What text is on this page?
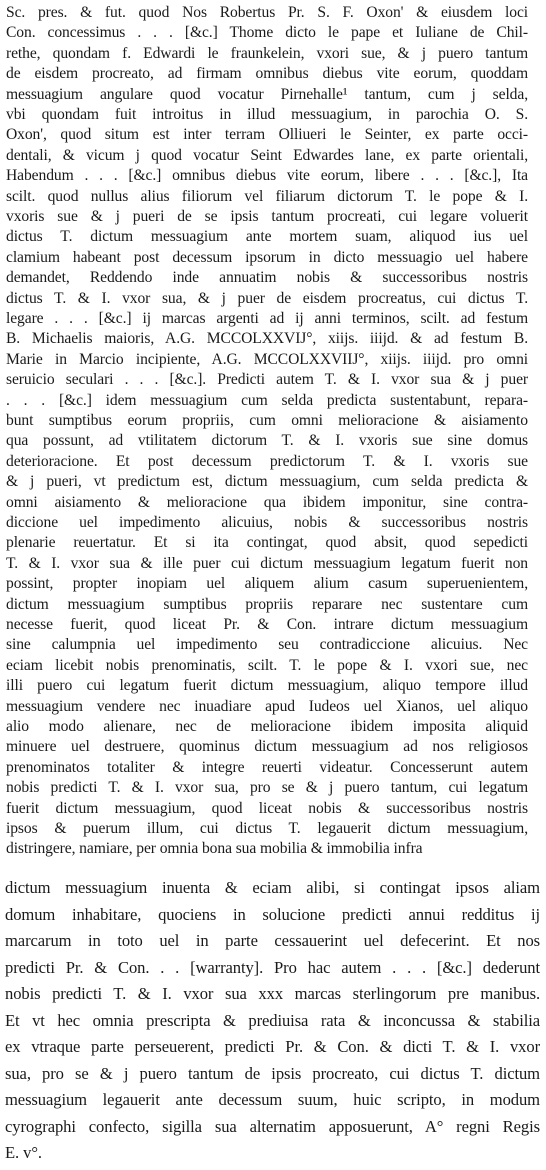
Sc. pres. & fut. quod Nos Robertus Pr. S. F. Oxon' & eiusdem loci
Con. concessimus . . . [&c.] Thome dicto le pape et Iuliane de Chil-
rethe, quondam f. Edwardi le fraunkelein, vxori sue, & j puero tantum
de eisdem procreato, ad firmam omnibus diebus vite eorum, quoddam
messuagium angulare quod vocatur Pirnehalle¹ tantum, cum j selda,
vbi quondam fuit introitus in illud messuagium, in parochia O. S.
Oxon', quod situm est inter terram Olliueri le Seinter, ex parte occi-
dentali, & vicum j quod vocatur Seint Edwardes lane, ex parte orientali,
Habendum . . . [&c.] omnibus diebus vite eorum, libere . . . [&c.], Ita
scilt. quod nullus alius filiorum vel filiarum dictorum T. le pope & I.
vxoris sue & j pueri de se ipsis tantum procreati, cui legare voluerit
dictus T. dictum messuagium ante mortem suam, aliquod ius uel
clamium habeant post decessum ipsorum in dicto messuagio uel habere
demandet, Reddendo inde annuatim nobis & successoribus nostris
dictus T. & I. vxor sua, & j puer de eisdem procreatus, cui dictus T.
legare . . . [&c.] ij marcas argenti ad ij anni terminos, scilt. ad festum
B. Michaelis maioris, A.G. MCCOLXXVIJ°, xiijs. iiijd. & ad festum B.
Marie in Marcio incipiente, A.G. MCCOLXXVIIJ°, xiijs. iiijd. pro omni
seruicio seculari . . . [&c.]. Predicti autem T. & I. vxor sua & j puer
. . . [&c.] idem messuagium cum selda predicta sustentabunt, repara-
bunt sumptibus eorum propriis, cum omni melioracione & aisiamento
qua possunt, ad vtilitatem dictorum T. & I. vxoris sue sine domus
deterioracione. Et post decessum predictorum T. & I. vxoris sue
& j pueri, vt predictum est, dictum messuagium, cum selda predicta &
omni aisiamento & melioracione qua ibidem imponitur, sine contra-
diccione uel impedimento alicuius, nobis & successoribus nostris
plenarie reuertatur. Et si ita contingat, quod absit, quod sepedicti
T. & I. vxor sua & ille puer cui dictum messuagium legatum fuerit non
possint, propter inopiam uel aliquem alium casum superuenientem,
dictum messuagium sumptibus propriis reparare nec sustentare cum
necesse fuerit, quod liceat Pr. & Con. intrare dictum messuagium
sine calumpnia uel impedimento seu contradiccione alicuius. Nec
eciam licebit nobis prenominatis, scilt. T. le pope & I. vxori sue, nec
illi puero cui legatum fuerit dictum messuagium, aliquo tempore illud
messuagium vendere nec inuadiare apud Iudeos uel Xianos, uel aliquo
alio modo alienare, nec de melioracione ibidem imposita aliquid
minuere uel destruere, quominus dictum messuagium ad nos religiosos
prenominatos totaliter & integre reuerti videatur. Concesserunt autem
nobis predicti T. & I. vxor sua, pro se & j puero tantum, cui legatum
fuerit dictum messuagium, quod liceat nobis & successoribus nostris
ipsos & puerum illum, cui dictus T. legauerit dictum messuagium,
distringere, namiare, per omnia bona sua mobilia & immobilia infra
dictum messuagium inuenta & eciam alibi, si contingat ipsos aliam
domum inhabitare, quociens in solucione predicti annui redditus ij
marcarum in toto uel in parte cessauerint uel defecerint. Et nos
predicti Pr. & Con. . . [warranty]. Pro hac autem . . . [&c.] dederunt
nobis predicti T. & I. vxor sua xxx marcas sterlingorum pre manibus.
Et vt hec omnia prescripta & prediuisa rata & inconcussa & stabilia
ex vtraque parte perseuerent, predicti Pr. & Con. & dicti T. & I. vxor
sua, pro se & j puero tantum de ipsis procreato, cui dictus T. dictum
messuagium legauerit ante decessum suum, huic scripto, in modum
cyrographi confecto, sigilla sua alternatim apposuerunt, A° regni Regis
E. v°.
